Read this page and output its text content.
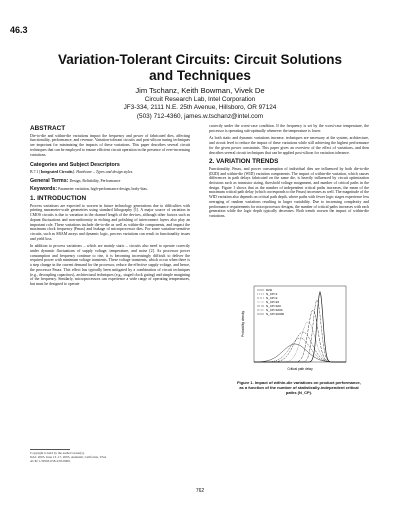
46.3
Variation-Tolerant Circuits: Circuit Solutions
and Techniques
Jim Tschanz, Keith Bowman, Vivek De
Circuit Research Lab, Intel Corporation
JF3-334, 2111 N.E. 25th Avenue, Hillsboro, OR 97124
(503) 712-4360, james.w.tschanz@intel.com
ABSTRACT

Die-to-die and within-die variations impact the frequency and power of fabricated dies, affecting functionality, performance, and revenue. Variation-tolerant circuits and post-silicon tuning techniques are important for minimizing the impacts of these variations. This paper describes several circuit techniques that can be employed to ensure efficient circuit operation in the presence of ever-increasing variations.

Categories and Subject Descriptors

B.7.1 [Integrated Circuits]: Hardware – Types and design styles.

General Terms: Design, Reliability, Performance

Keywords: Parameter variation, high-performance design, body-bias.

1. INTRODUCTION

Process variations are expected to worsen in future technology generations due to difficulties with printing nanometer-scale geometries using standard lithography [1]. A major source of variation in CMOS circuits is due to variation in the channel length of the devices, although other factors such as dopant fluctuations and non-uniformity in etching and polishing of interconnect layers also play an important role. These variations include die-to-die as well as within-die components, and impact the maximum clock frequency (Fmax) and leakage of microprocessor dies. For some variation-sensitive circuits, such as SRAM arrays and dynamic logic, process variations can result in functionality issues and yield loss.

In addition to process variations – which are mainly static – circuits also need to operate correctly under dynamic fluctuations of supply voltage, temperature, and noise [2]. As processor power consumption and frequency continue to rise, it is becoming increasingly difficult to deliver the required power with minimum voltage transients. These voltage transients, which occur when there is a step change in the current demand for the processor, reduce the effective supply voltage, and hence, the processor Fmax. This effect has typically been mitigated by a combination of circuit techniques (e.g., decoupling capacitors), architectural techniques (e.g., staged clock gating) and simple margining of the frequency. Similarly, microprocessors can experience a wide range of operating temperatures, but must be designed to operate

correctly under the worst-case condition. If the frequency is set by the worst-case temperature, the processor is operating sub-optimally whenever the temperature is lower.

As both static and dynamic variations increase, techniques are necessary at the system, architecture, and circuit level to reduce the impact of these variations while still achieving the highest performance for the given power constraints. This paper gives an overview of the effect of variations, and then describes several circuit techniques that can be applied post-silicon for variation tolerance.

2. VARIATION TRENDS

Functionality, Fmax, and power consumption of individual dies are influenced by both die-to-die (D2D) and within-die (WID) variation components. The impact of within-die variation, which causes differences in path delays fabricated on the same die, is heavily influenced by circuit optimization decisions such as transistor sizing, threshold voltage assignment, and number of critical paths in the design. Figure 1 shows that as the number of independent critical paths increases, the mean of the maximum critical path delay (which corresponds to the Fmax) increases as well. The magnitude of the WID variation also depends on critical path depth, where paths with fewer logic stages experience less averaging of random variations resulting in larger variability. Due to increasing complexity and performance requirements for microprocessor designs, the number of critical paths increases with each generation while the logic depth typically decreases. Both trends worsen the impact of within-die variations.

Probability density
Critical path delay
D2D
N_CP=1
N_CP=2
N_CP=10
N_CP=100
N_CP=1000
N_CP=10000
Figure 1. Impact of within-die variations on product performance, as a function of the number of statistically-independent critical paths (N_CP).
Copyright is held by the author/owner(s).
DAC 2005, June 13–17, 2005, Anaheim, California, USA
ACM 1-59593-058-2/05/0006.
762
